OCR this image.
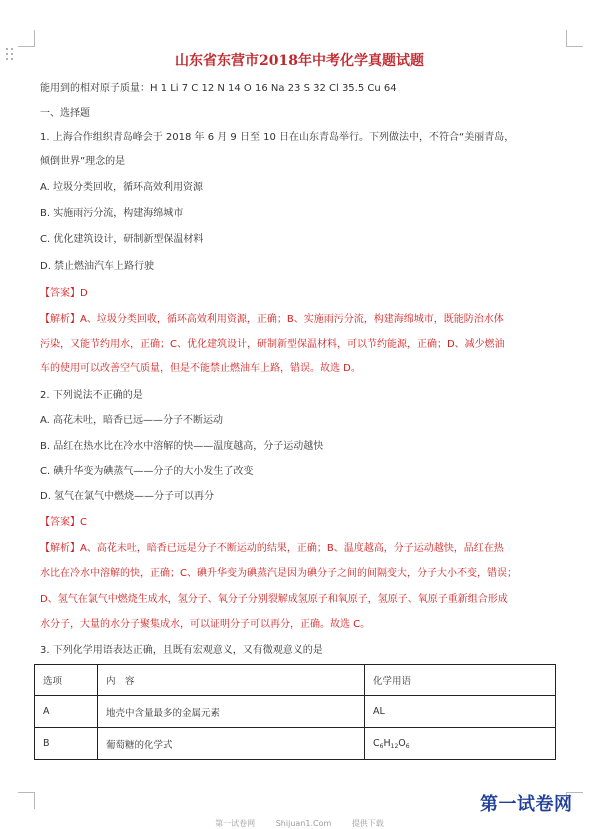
山东省东营市2018年中考化学真题试题
能用到的相对原子质量：H 1 Li 7 C 12 N 14 O 16 Na 23 S 32 Cl 35.5 Cu 64
一、选择题
1. 上海合作组织青岛峰会于 2018 年 6 月 9 日至 10 日在山东青岛举行。下列做法中，不符合“美丽青岛，
倾倒世界”理念的是
A. 垃圾分类回收，循环高效利用资源
B. 实施雨污分流，构建海绵城市
C. 优化建筑设计，研制新型保温材料
D. 禁止燃油汽车上路行驶
【答案】D
【解析】A、垃圾分类回收，循环高效利用资源，正确；B、实施雨污分流，构建海绵城市，既能防治水体
污染，又能节约用水，正确；C、优化建筑设计，研制新型保温材料，可以节约能源，正确；D、减少燃油
车的使用可以改善空气质量，但是不能禁止燃油车上路，错误。故选 D。
2. 下列说法不正确的是
A. 高花未吐，暗香已远——分子不断运动
B. 品红在热水比在冷水中溶解的快——温度越高，分子运动越快
C. 碘升华变为碘蒸气——分子的大小发生了改变
D. 氢气在氯气中燃烧——分子可以再分
【答案】C
【解析】A、高花未吐，暗香已远是分子不断运动的结果，正确；B、温度越高，分子运动越快，品红在热
水比在冷水中溶解的快，正确；C、碘升华变为碘蒸汽是因为碘分子之间的间隔变大，分子大小不变，错误；
D、氢气在氯气中燃烧生成水，氢分子、氧分子分别裂解成氢原子和氧原子，氢原子、氧原子重新组合形成
水分子，大量的水分子聚集成水，可以证明分子可以再分，正确。故选 C。
3. 下列化学用语表达正确，且既有宏观意义，又有微观意义的是
选项	内　容	化学用语
A	地壳中含量最多的金属元素	AL
B	葡萄糖的化学式	$C_6H_{12}O_6$
第一试卷网
第一试卷网	Shijuan1.Com	提供下载
